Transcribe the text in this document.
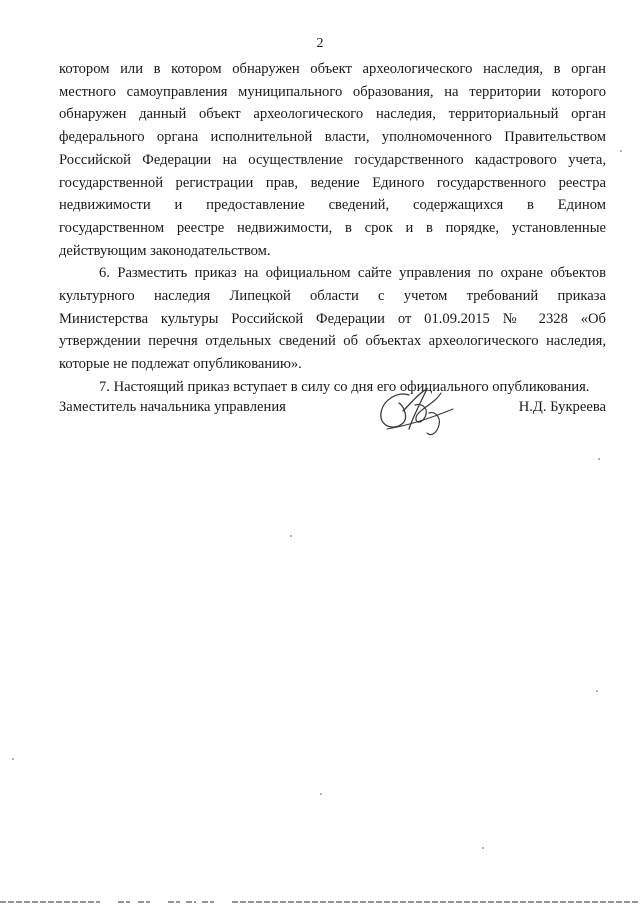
2

котором или в котором обнаружен объект археологического наследия, в орган

местного самоуправления муниципального образования, на территории которого

обнаружен данный объект археологического наследия, территориальный орган

федерального органа исполнительной власти, уполномоченного Правительством

Российской Федерации на осуществление государственного кадастрового учета,

государственной регистрации прав, ведение Единого государственного реестра

недвижимости и предоставление сведений, содержащихся в Едином

государственном реестре недвижимости, в срок и в порядке, установленные

действующим законодательством.

6. Разместить приказ на официальном сайте управления по охране объектов

культурного наследия Липецкой области с учетом требований приказа

Министерства культуры Российской Федерации от 01.09.2015 № 2328 «Об

утверждении перечня отдельных сведений об объектах археологического наследия,

которые не подлежат опубликованию».

7. Настоящий приказ вступает в силу со дня его официального опубликования.

Заместитель начальника управления	Н.Д. Букреева
